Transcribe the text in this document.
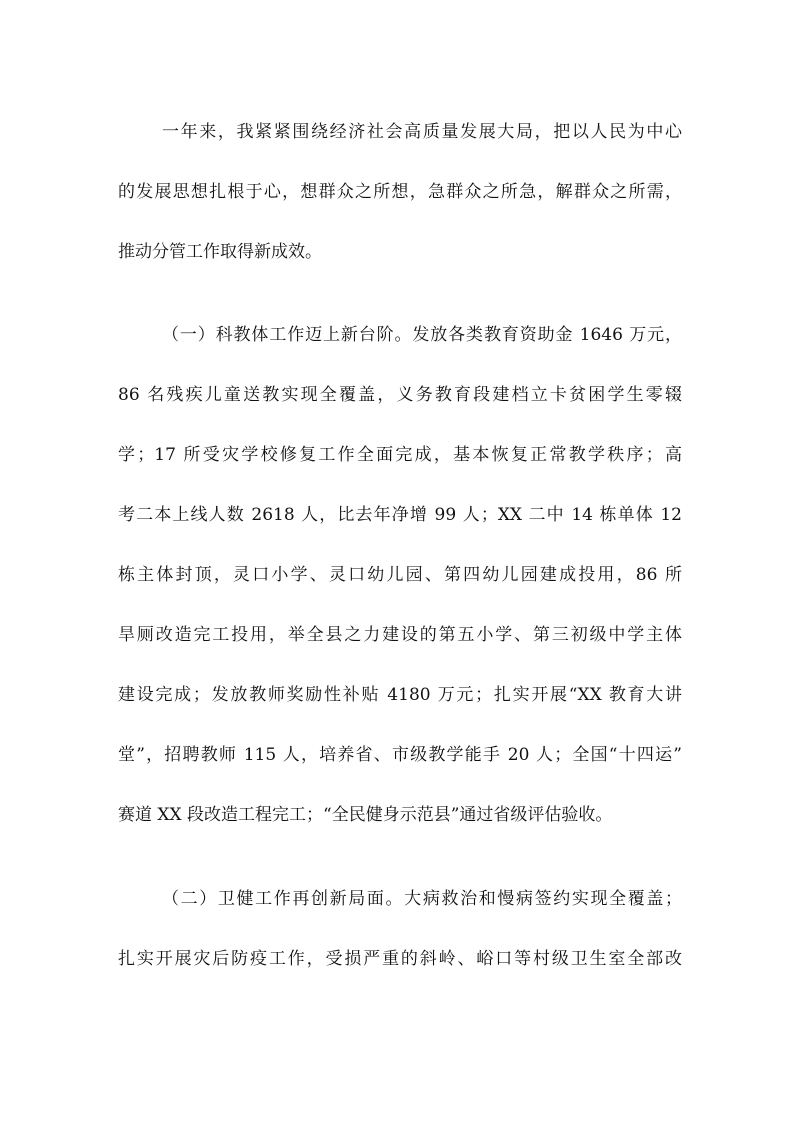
一年来，我紧紧围绕经济社会高质量发展大局，把以人民为中心
的发展思想扎根于心，想群众之所想，急群众之所急，解群众之所需，
推动分管工作取得新成效。
（一）科教体工作迈上新台阶。发放各类教育资助金 1646 万元，
86 名残疾儿童送教实现全覆盖，义务教育段建档立卡贫困学生零辍
学；17 所受灾学校修复工作全面完成，基本恢复正常教学秩序；高
考二本上线人数 2618 人，比去年净增 99 人；XX 二中 14 栋单体 12
栋主体封顶，灵口小学、灵口幼儿园、第四幼儿园建成投用，86 所
旱厕改造完工投用，举全县之力建设的第五小学、第三初级中学主体
建设完成；发放教师奖励性补贴 4180 万元；扎实开展“XX 教育大讲
堂”，招聘教师 115 人，培养省、市级教学能手 20 人；全国“十四运”
赛道 XX 段改造工程完工；“全民健身示范县”通过省级评估验收。
（二）卫健工作再创新局面。大病救治和慢病签约实现全覆盖；
扎实开展灾后防疫工作，受损严重的斜岭、峪口等村级卫生室全部改
